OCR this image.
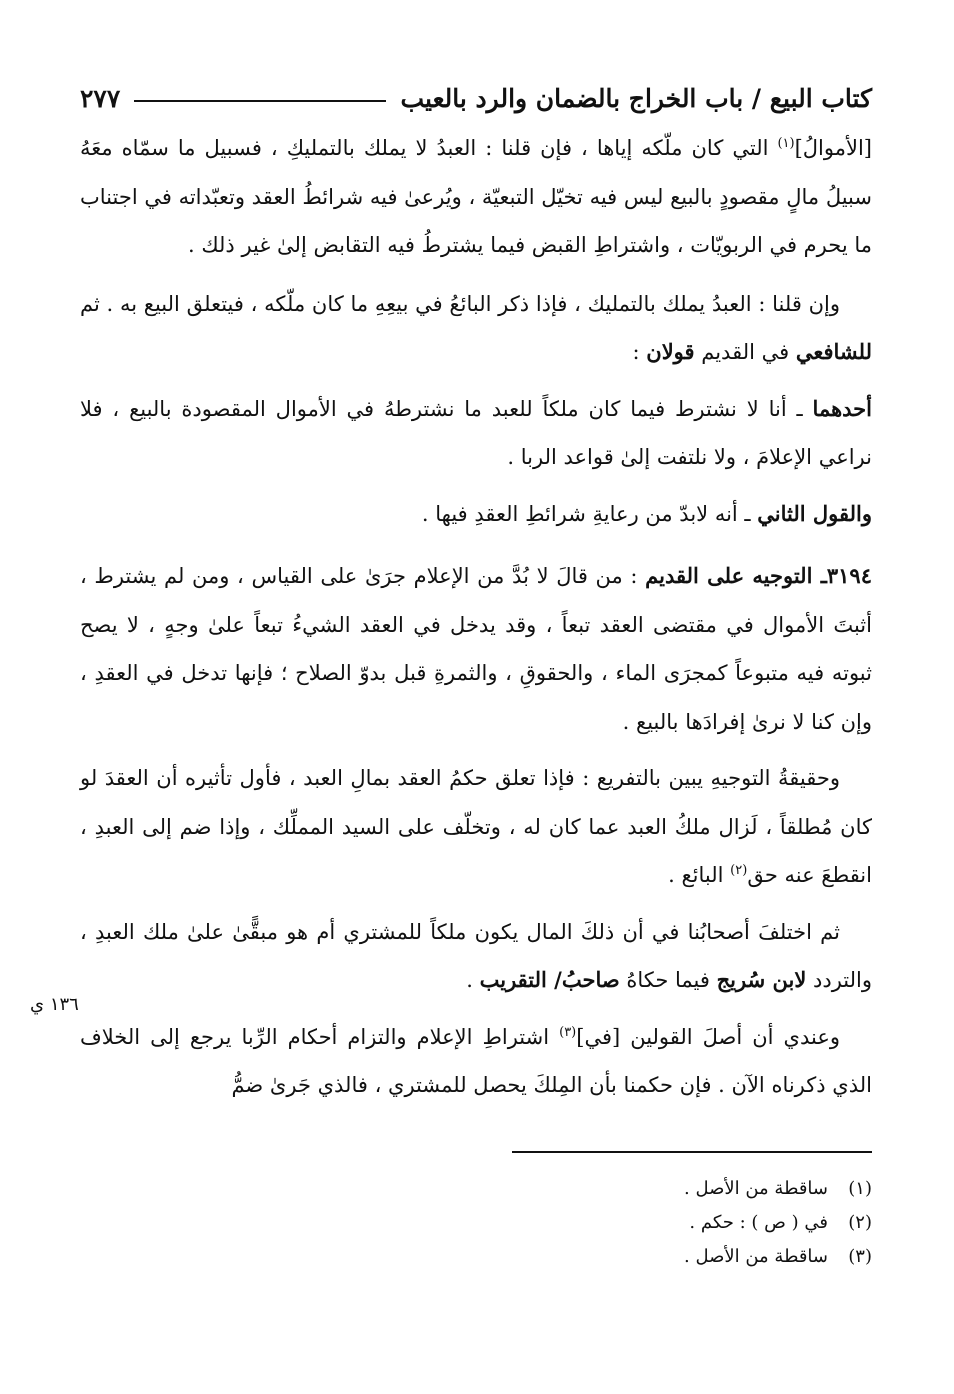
كتاب البيع / باب الخراج بالضمان والرد بالعيب
٢٧٧

[الأموالُ]$^{(١)}$ التي كان ملّكه إياها ، فإن قلنا : العبدُ لا يملك بالتمليكِ ، فسبيل ما سمّاه معَهُ سبيلُ مالٍ مقصودٍ بالبيع ليس فيه تخيّل التبعيّة ، ويُرعىٰ فيه شرائطُ العقد وتعبّداته في اجتناب ما يحرم في الربويّات ، واشتراطِ القبض فيما يشترطُ فيه التقابض إلىٰ غير ذلك .

وإن قلنا : العبدُ يملك بالتمليك ، فإذا ذكر البائعُ في بيعِهِ ما كان ملّكه ، فيتعلق البيع به . ثم للشافعي في القديم قولان :

أحدهما ـ أنا لا نشترط فيما كان ملكاً للعبد ما نشترطهُ في الأموال المقصودة بالبيع ، فلا نراعي الإعلامَ ، ولا نلتفت إلىٰ قواعد الربا .

والقول الثاني ـ أنه لابدّ من رعايةِ شرائطِ العقدِ فيها .

٣١٩٤ـ التوجيه على القديم : من قالَ لا بُدَّ من الإعلام جرَىٰ على القياس ، ومن لم يشترط ، أثبتَ الأموال في مقتضى العقد تبعاً ، وقد يدخل في العقد الشيءُ تبعاً علىٰ وجهٍ ، لا يصح ثبوته فيه متبوعاً كمجرَى الماء ، والحقوقِ ، والثمرةِ قبل بدوّ الصلاح ؛ فإنها تدخل في العقدِ ، وإن كنا لا نرىٰ إفرادَها بالبيع .

وحقيقةُ التوجيهِ يبين بالتفريع : فإذا تعلق حكمُ العقد بمالِ العبد ، فأول تأثيره أن العقدَ لو كان مُطلقاً ، لَزال ملكُ العبد عما كان له ، وتخلّف على السيد المملِّك ، وإذا ضم إلى العبدِ ، انقطعَ عنه حق$^{(٢)}$ البائع .

ثم اختلفَ أصحابُنا في أن ذلكَ المال يكون ملكاً للمشتري أم هو مبقًّىٰ علىٰ ملك العبدِ ، والتردد لابن سُريج فيما حكاهُ صاحبُ/ التقريب .

وعندي أن أصلَ القولين [في]$^{(٣)}$ اشتراطِ الإعلام والتزام أحكام الرِّبا يرجع إلى الخلاف الذي ذكرناه الآن . فإن حكمنا بأن المِلكَ يحصل للمشتري ، فالذي جَرىٰ ضمُّ

١٣٦ ي
(١)
ساقطة من الأصل .
(٢)
في ( ص ) : حكم .
(٣)
ساقطة من الأصل .
